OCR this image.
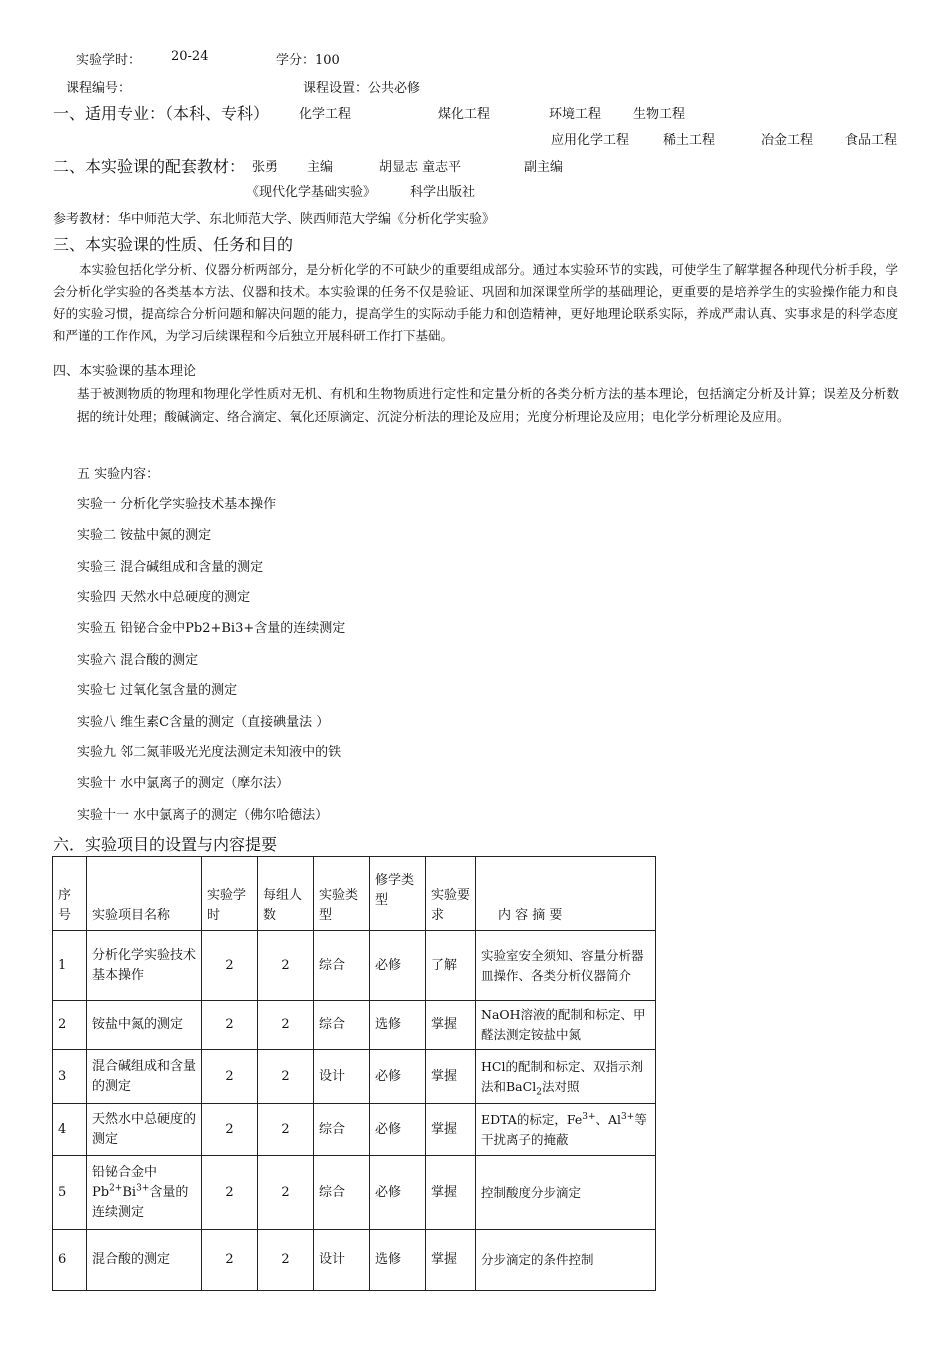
实验学时： 20-24	学分：100
课程编号：	课程设置：公共必修
一、适用专业：（本科、专科） 化学工程	煤化工程	环境工程 生物工程
应用化学工程	稀土工程	冶金工程 食品工程
二、本实验课的配套教材： 张勇 主编	胡显志 童志平	副主编
《现代化学基础实验》	科学出版社
参考教材：华中师范大学、东北师范大学、陕西师范大学编《分析化学实验》
三、本实验课的性质、任务和目的
本实验包括化学分析、仪器分析两部分，是分析化学的不可缺少的重要组成部分。通过本实验环节的实践，可使学生了解掌握各种现代分析手段，学会分析化学实验的各类基本方法、仪器和技术。本实验课的任务不仅是验证、巩固和加深课堂所学的基础理论，更重要的是培养学生的实验操作能力和良好的实验习惯，提高综合分析问题和解决问题的能力，提高学生的实际动手能力和创造精神，更好地理论联系实际，养成严肃认真、实事求是的科学态度和严谨的工作作风，为学习后续课程和今后独立开展科研工作打下基础。
四、本实验课的基本理论
基于被测物质的物理和物理化学性质对无机、有机和生物物质进行定性和定量分析的各类分析方法的基本理论，包括滴定分析及计算；误差及分析数据的统计处理；酸碱滴定、络合滴定、氧化还原滴定、沉淀分析法的理论及应用；光度分析理论及应用；电化学分析理论及应用。
五 实验内容：
实验一 分析化学实验技术基本操作
实验二 铵盐中氮的测定
实验三 混合碱组成和含量的测定
实验四 天然水中总硬度的测定
实验五 铅铋合金中Pb2+Bi3+含量的连续测定
实验六 混合酸的测定
实验七 过氧化氢含量的测定
实验八 维生素C含量的测定（直接碘量法 ）
实验九 邻二氮菲吸光光度法测定未知液中的铁
实验十 水中氯离子的测定（摩尔法）
实验十一 水中氯离子的测定（佛尔哈德法）
六．实验项目的设置与内容提要
序号	实验项目名称	实验学时	每组人数	实验类型	修学类型	实验要求	内 容 摘 要
1	分析化学实验技术基本操作	2	2	综合	必修	了解	实验室安全须知、容量分析器皿操作、各类分析仪器简介
2	铵盐中氮的测定	2	2	综合	选修	掌握	NaOH溶液的配制和标定、甲醛法测定铵盐中氮
3	混合碱组成和含量的测定	2	2	设计	必修	掌握	HCl的配制和标定、双指示剂法和BaCl$_2$法对照
4	天然水中总硬度的测定	2	2	综合	必修	掌握	EDTA的标定，$Fe^{3+}$、$Al^{3+}$等干扰离子的掩蔽
5	铅铋合金中
$Pb^{2+}Bi^{3+}$含量的
连续测定	2	2	综合	必修	掌握	控制酸度分步滴定
6	混合酸的测定	2	2	设计	选修	掌握	分步滴定的条件控制
